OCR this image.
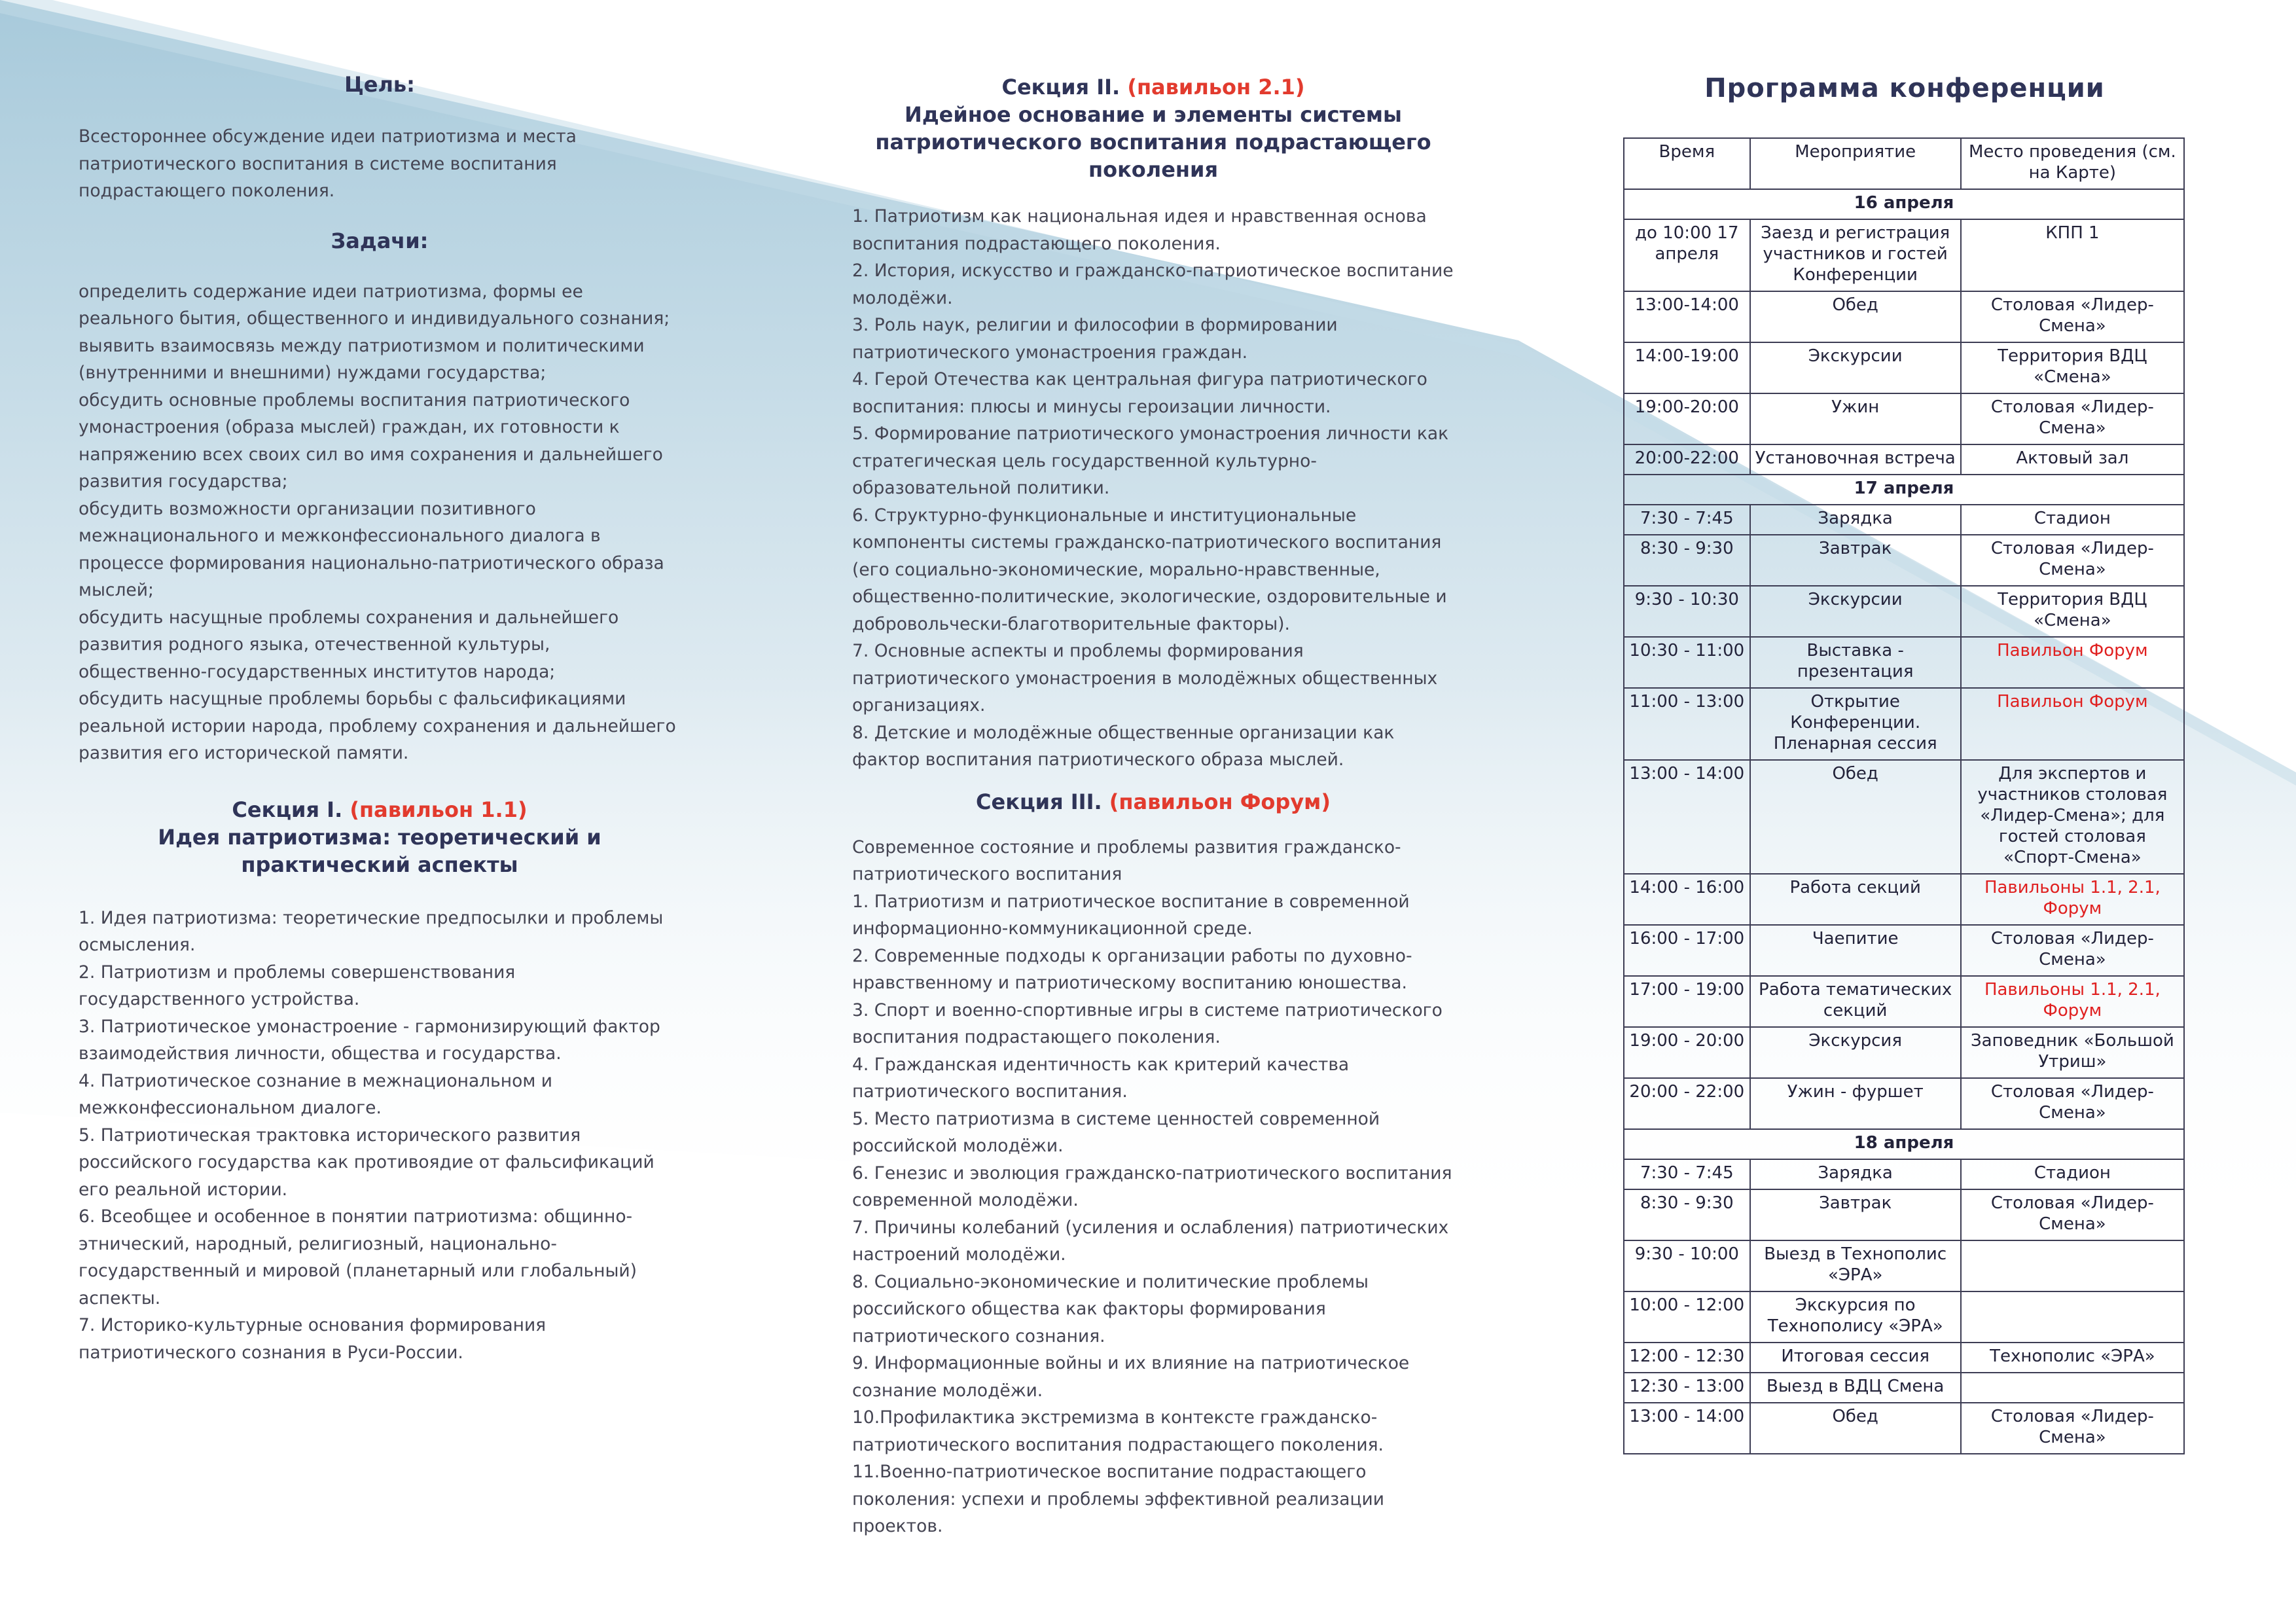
Цель:

Всестороннее обсуждение идеи патриотизма и места патриотического воспитания в системе воспитания подрастающего поколения.

Задачи:

определить содержание идеи патриотизма, формы ее реального бытия, общественного и индивидуального сознания;

выявить взаимосвязь между патриотизмом и политическими (внутренними и внешними) нуждами государства;

обсудить основные проблемы воспитания патриотического умонастроения (образа мыслей) граждан, их готовности к напряжению всех своих сил во имя сохранения и дальнейшего развития государства;

обсудить возможности организации позитивного межнационального и межконфессионального диалога в процессе формирования национально-патриотического образа мыслей;

обсудить насущные проблемы сохранения и дальнейшего развития родного языка, отечественной культуры, общественно-государственных институтов народа;

обсудить насущные проблемы борьбы с фальсификациями реальной истории народа, проблему сохранения и дальнейшего развития его исторической памяти.

Секция I. (павильон 1.1)

Идея патриотизма: теоретический и практический аспекты

1. Идея патриотизма: теоретические предпосылки и проблемы осмысления.
2. Патриотизм и проблемы совершенствования государственного устройства.
3. Патриотическое умонастроение - гармонизирующий фактор взаимодействия личности, общества и государства.
4. Патриотическое сознание в межнациональном и межконфессиональном диалоге.
5. Патриотическая трактовка исторического развития российского государства как противоядие от фальсификаций его реальной истории.
6. Всеобщее и особенное в понятии патриотизма: общинно-этнический, народный, религиозный, национально-государственный и мировой (планетарный или глобальный) аспекты.
7. Историко-культурные основания формирования патриотического сознания в Руси-России.

Секция II. (павильон 2.1)

Идейное основание и элементы системы патриотического воспитания подрастающего поколения

1. Патриотизм как национальная идея и нравственная основа воспитания подрастающего поколения.
2. История, искусство и гражданско-патриотическое воспитание молодёжи.
3. Роль наук, религии и философии в формировании патриотического умонастроения граждан.
4. Герой Отечества как центральная фигура патриотического воспитания: плюсы и минусы героизации личности.
5. Формирование патриотического умонастроения личности как стратегическая цель государственной культурно-образовательной политики.
6. Структурно-функциональные и институциональные компоненты системы гражданско-патриотического воспитания (его социально-экономические, морально-нравственные, общественно-политические, экологические, оздоровительные и добровольчески-благотворительные факторы).
7. Основные аспекты и проблемы формирования патриотического умонастроения в молодёжных общественных организациях.
8. Детские и молодёжные общественные организации как фактор воспитания патриотического образа мыслей.

Секция III. (павильон Форум)

Современное состояние и проблемы развития гражданско-патриотического воспитания
1. Патриотизм и патриотическое воспитание в современной информационно-коммуникационной среде.
2. Современные подходы к организации работы по духовно-нравственному и патриотическому воспитанию юношества.
3. Спорт и военно-спортивные игры в системе патриотического воспитания подрастающего поколения.
4. Гражданская идентичность как критерий качества патриотического воспитания.
5. Место патриотизма в системе ценностей современной российской молодёжи.
6. Генезис и эволюция гражданско-патриотического воспитания современной молодёжи.
7. Причины колебаний (усиления и ослабления) патриотических настроений молодёжи.
8. Социально-экономические и политические проблемы российского общества как факторы формирования патриотического сознания.
9. Информационные войны и их влияние на патриотическое сознание молодёжи.
10.Профилактика экстремизма в контексте гражданско-патриотического воспитания подрастающего поколения.
11.Военно-патриотическое воспитание подрастающего поколения: успехи и проблемы эффективной реализации проектов.

Программа конференции

Время	Мероприятие	Место проведения (см. на Карте)
16 апреля		
до 10:00 17 апреля	Заезд и регистрация участников и гостей Конференции	КПП 1
13:00-14:00	Обед	Столовая «Лидер-Смена»
14:00-19:00	Экскурсии	Территория ВДЦ «Смена»
19:00-20:00	Ужин	Столовая «Лидер-Смена»
20:00-22:00	Установочная встреча	Актовый зал
17 апреля		
7:30 - 7:45	Зарядка	Стадион
8:30 - 9:30	Завтрак	Столовая «Лидер-Смена»
9:30 - 10:30	Экскурсии	Территория ВДЦ «Смена»
10:30 - 11:00	Выставка - презентация	Павильон Форум
11:00 - 13:00	Открытие Конференции. Пленарная сессия	Павильон Форум
13:00 - 14:00	Обед	Для экспертов и участников столовая «Лидер-Смена»; для гостей столовая «Спорт-Смена»
14:00 - 16:00	Работа секций	Павильоны 1.1, 2.1, Форум
16:00 - 17:00	Чаепитие	Столовая «Лидер-Смена»
17:00 - 19:00	Работа тематических секций	Павильоны 1.1, 2.1, Форум
19:00 - 20:00	Экскурсия	Заповедник «Большой Утриш»
20:00 - 22:00	Ужин - фуршет	Столовая «Лидер-Смена»
18 апреля		
7:30 - 7:45	Зарядка	Стадион
8:30 - 9:30	Завтрак	Столовая «Лидер-Смена»
9:30 - 10:00	Выезд в Технополис «ЭРА»	
10:00 - 12:00	Экскурсия по Технополису «ЭРА»	
12:00 - 12:30	Итоговая сессия	Технополис «ЭРА»
12:30 - 13:00	Выезд в ВДЦ Смена	
13:00 - 14:00	Обед	Столовая «Лидер-Смена»
